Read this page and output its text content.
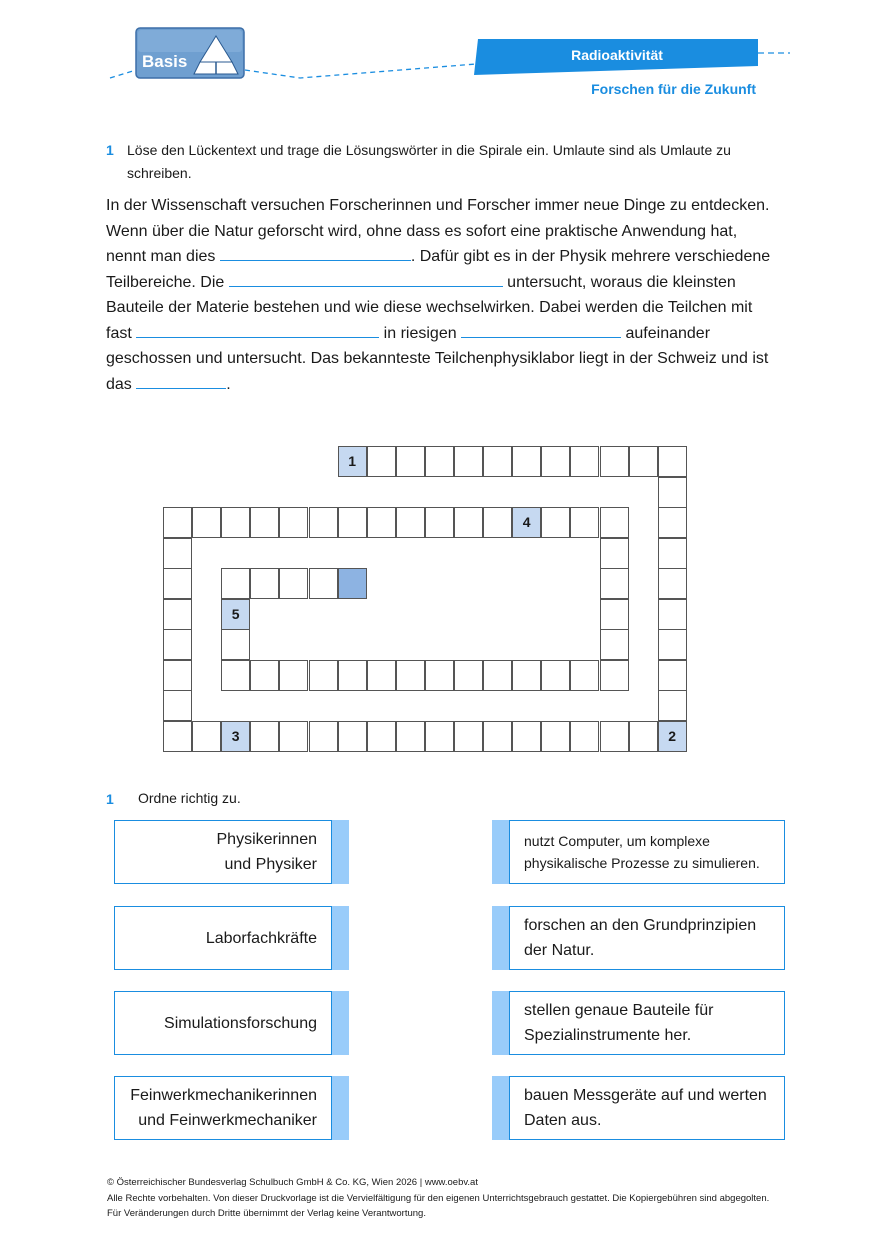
Basis	Radioaktivität
Forschen für die Zukunft
1 Löse den Lückentext und trage die Lösungswörter in die Spirale ein. Umlaute sind als Umlaute zu
schreiben.
In der Wissenschaft versuchen Forscherinnen und Forscher immer neue Dinge zu entdecken.
Wenn über die Natur geforscht wird, ohne dass es sofort eine praktische Anwendung hat,
nennt man dies	. Dafür gibt es in der Physik mehrere verschiedene
Teilbereiche. Die	untersucht, woraus die kleinsten
Bauteile der Materie bestehen und wie diese wechselwirken. Dabei werden die Teilchen mit
fast	in riesigen	aufeinander
geschossen und untersucht. Das bekannteste Teilchenphysiklabor liegt in der Schweiz und ist
das	.
1
2
3
4
5
1 Ordne richtig zu.
Physikerinnen
und Physiker
nutzt Computer, um komplexe
physikalische Prozesse zu simulieren.
Laborfachkräfte
forschen an den Grundprinzipien
der Natur.
Simulationsforschung
stellen genaue Bauteile für
Spezialinstrumente her.
Feinwerkmechanikerinnen
und Feinwerkmechaniker
bauen Messgeräte auf und werten
Daten aus.
© Österreichischer Bundesverlag Schulbuch GmbH & Co. KG, Wien 2026 | www.oebv.at
Alle Rechte vorbehalten. Von dieser Druckvorlage ist die Vervielfältigung für den eigenen Unterrichtsgebrauch gestattet. Die Kopiergebühren sind abgegolten.
Für Veränderungen durch Dritte übernimmt der Verlag keine Verantwortung.
